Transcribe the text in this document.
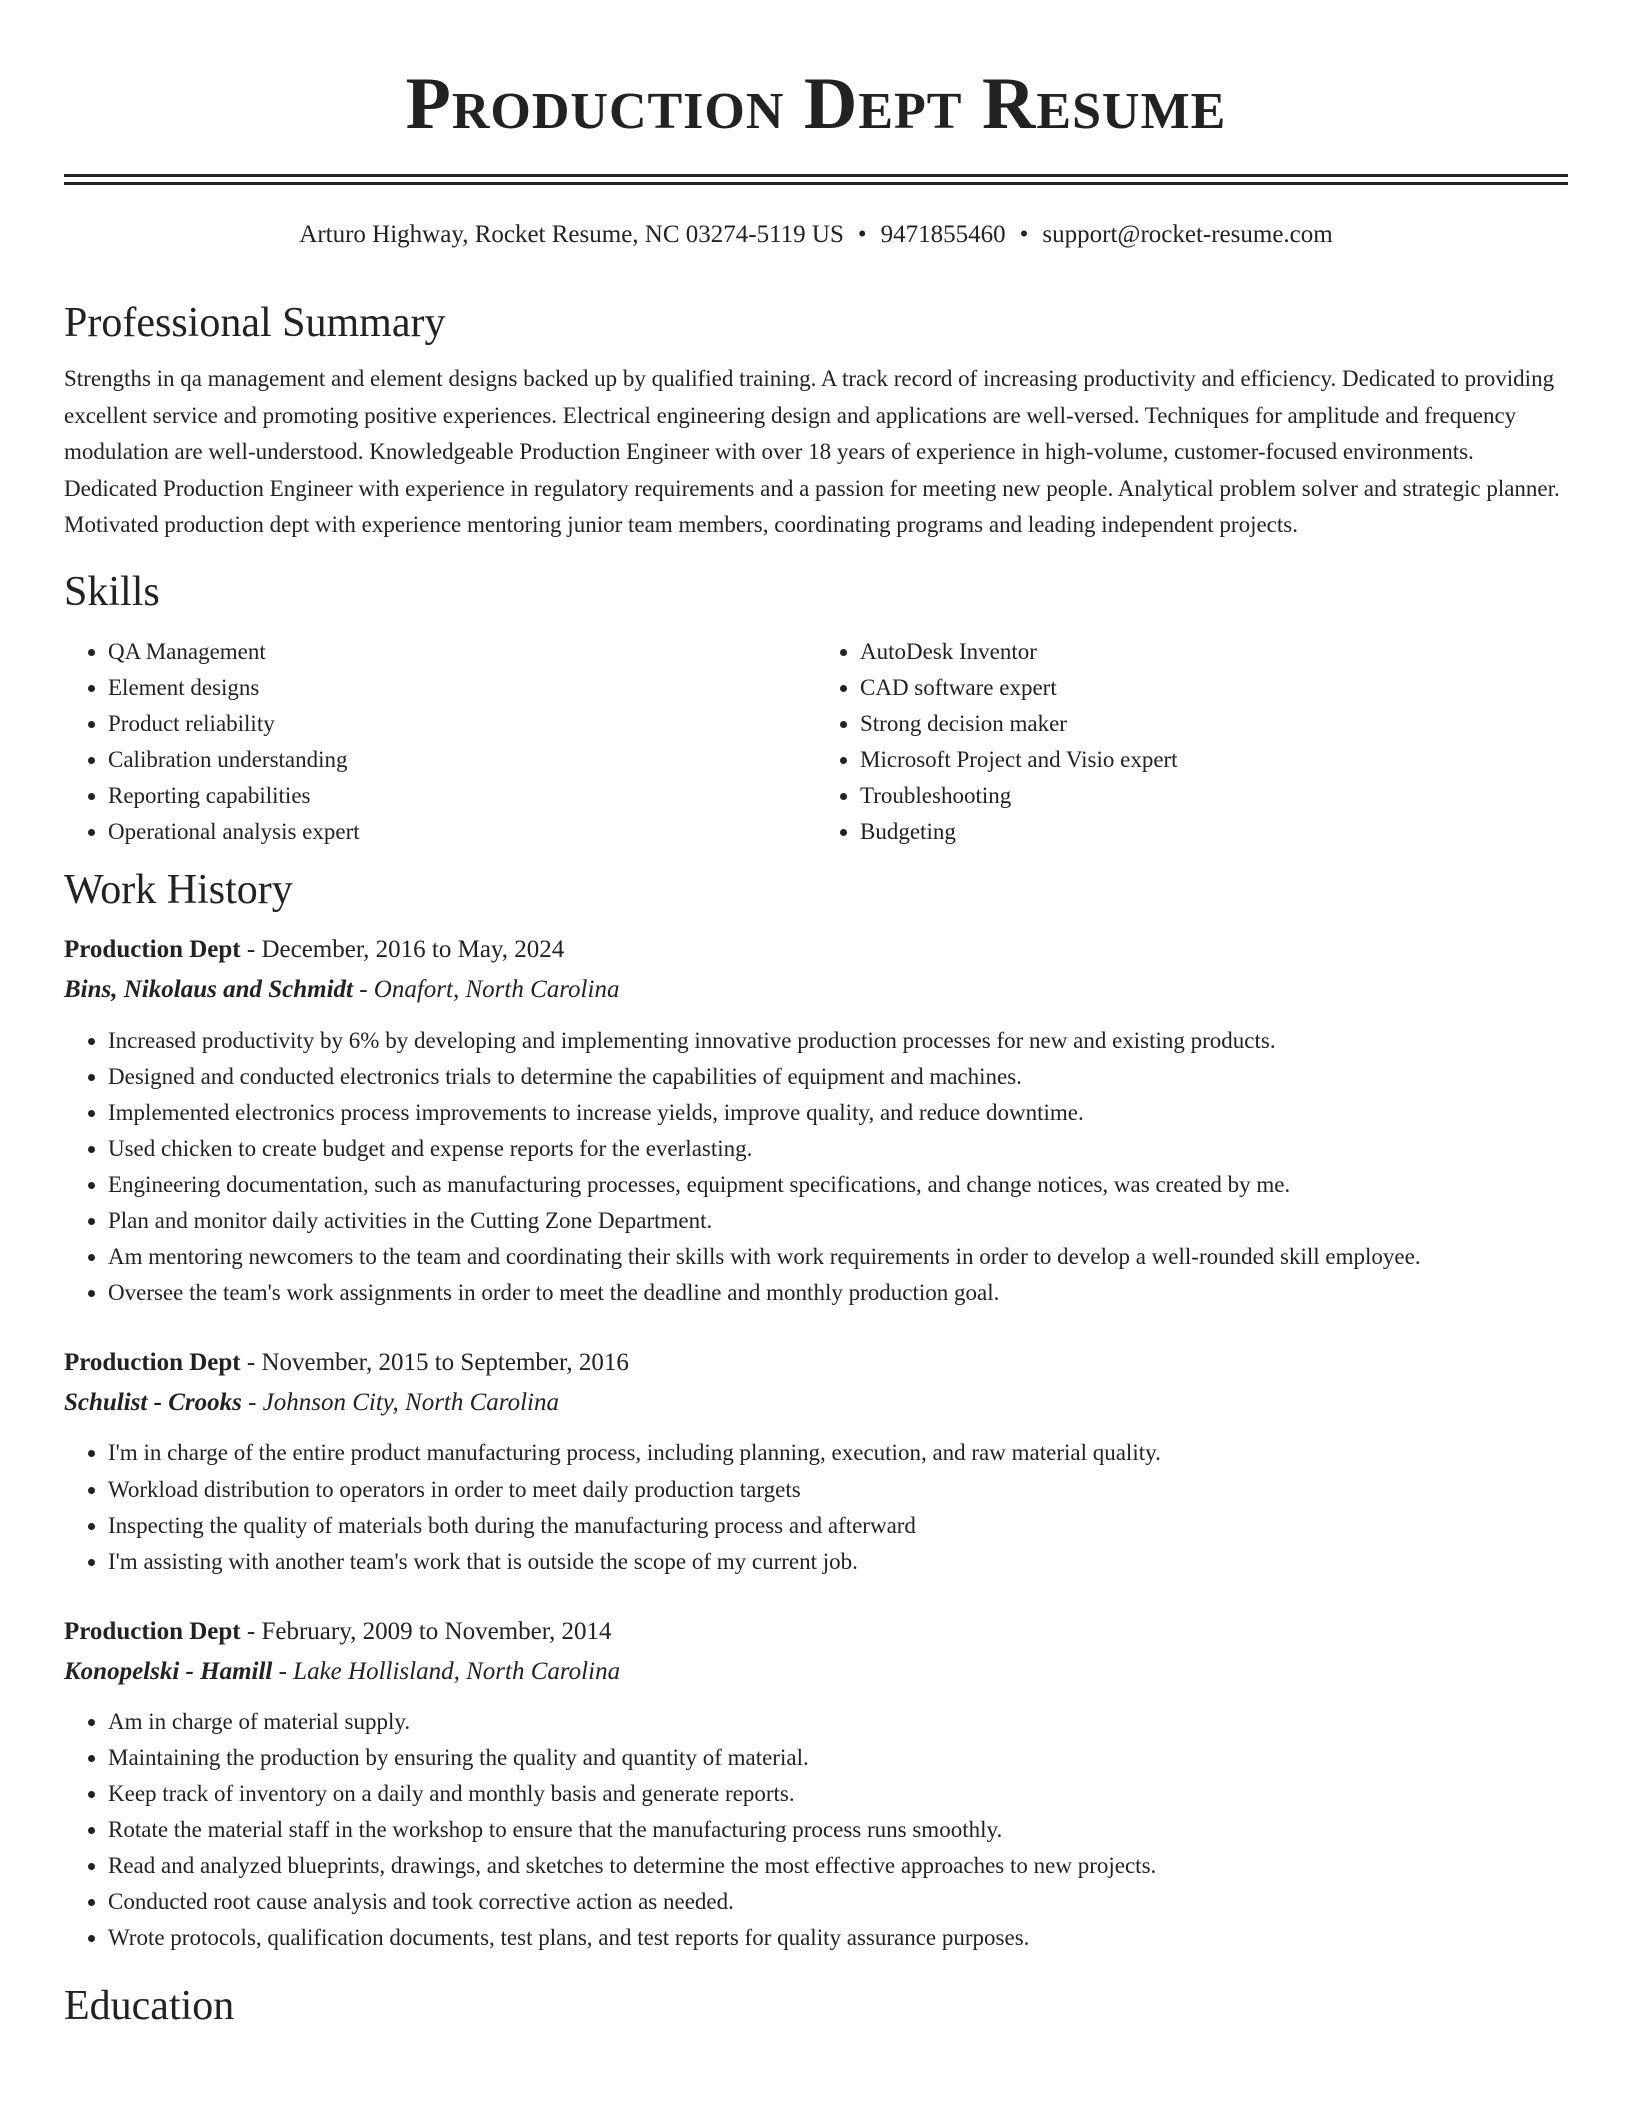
Production Dept Resume
Arturo Highway, Rocket Resume, NC 03274-5119 US • 9471855460 • support@rocket-resume.com
Professional Summary
Strengths in qa management and element designs backed up by qualified training. A track record of increasing productivity and efficiency. Dedicated to providing excellent service and promoting positive experiences. Electrical engineering design and applications are well-versed. Techniques for amplitude and frequency modulation are well-understood. Knowledgeable Production Engineer with over 18 years of experience in high-volume, customer-focused environments. Dedicated Production Engineer with experience in regulatory requirements and a passion for meeting new people. Analytical problem solver and strategic planner. Motivated production dept with experience mentoring junior team members, coordinating programs and leading independent projects.
Skills
• QA Management
• Element designs
• Product reliability
• Calibration understanding
• Reporting capabilities
• Operational analysis expert
• AutoDesk Inventor
• CAD software expert
• Strong decision maker
• Microsoft Project and Visio expert
• Troubleshooting
• Budgeting
Work History
Production Dept - December, 2016 to May, 2024
Bins, Nikolaus and Schmidt - Onafort, North Carolina
• Increased productivity by 6% by developing and implementing innovative production processes for new and existing products.
• Designed and conducted electronics trials to determine the capabilities of equipment and machines.
• Implemented electronics process improvements to increase yields, improve quality, and reduce downtime.
• Used chicken to create budget and expense reports for the everlasting.
• Engineering documentation, such as manufacturing processes, equipment specifications, and change notices, was created by me.
• Plan and monitor daily activities in the Cutting Zone Department.
• Am mentoring newcomers to the team and coordinating their skills with work requirements in order to develop a well-rounded skill employee.
• Oversee the team's work assignments in order to meet the deadline and monthly production goal.
Production Dept - November, 2015 to September, 2016
Schulist - Crooks - Johnson City, North Carolina
• I'm in charge of the entire product manufacturing process, including planning, execution, and raw material quality.
• Workload distribution to operators in order to meet daily production targets
• Inspecting the quality of materials both during the manufacturing process and afterward
• I'm assisting with another team's work that is outside the scope of my current job.
Production Dept - February, 2009 to November, 2014
Konopelski - Hamill - Lake Hollisland, North Carolina
• Am in charge of material supply.
• Maintaining the production by ensuring the quality and quantity of material.
• Keep track of inventory on a daily and monthly basis and generate reports.
• Rotate the material staff in the workshop to ensure that the manufacturing process runs smoothly.
• Read and analyzed blueprints, drawings, and sketches to determine the most effective approaches to new projects.
• Conducted root cause analysis and took corrective action as needed.
• Wrote protocols, qualification documents, test plans, and test reports for quality assurance purposes.
Education
